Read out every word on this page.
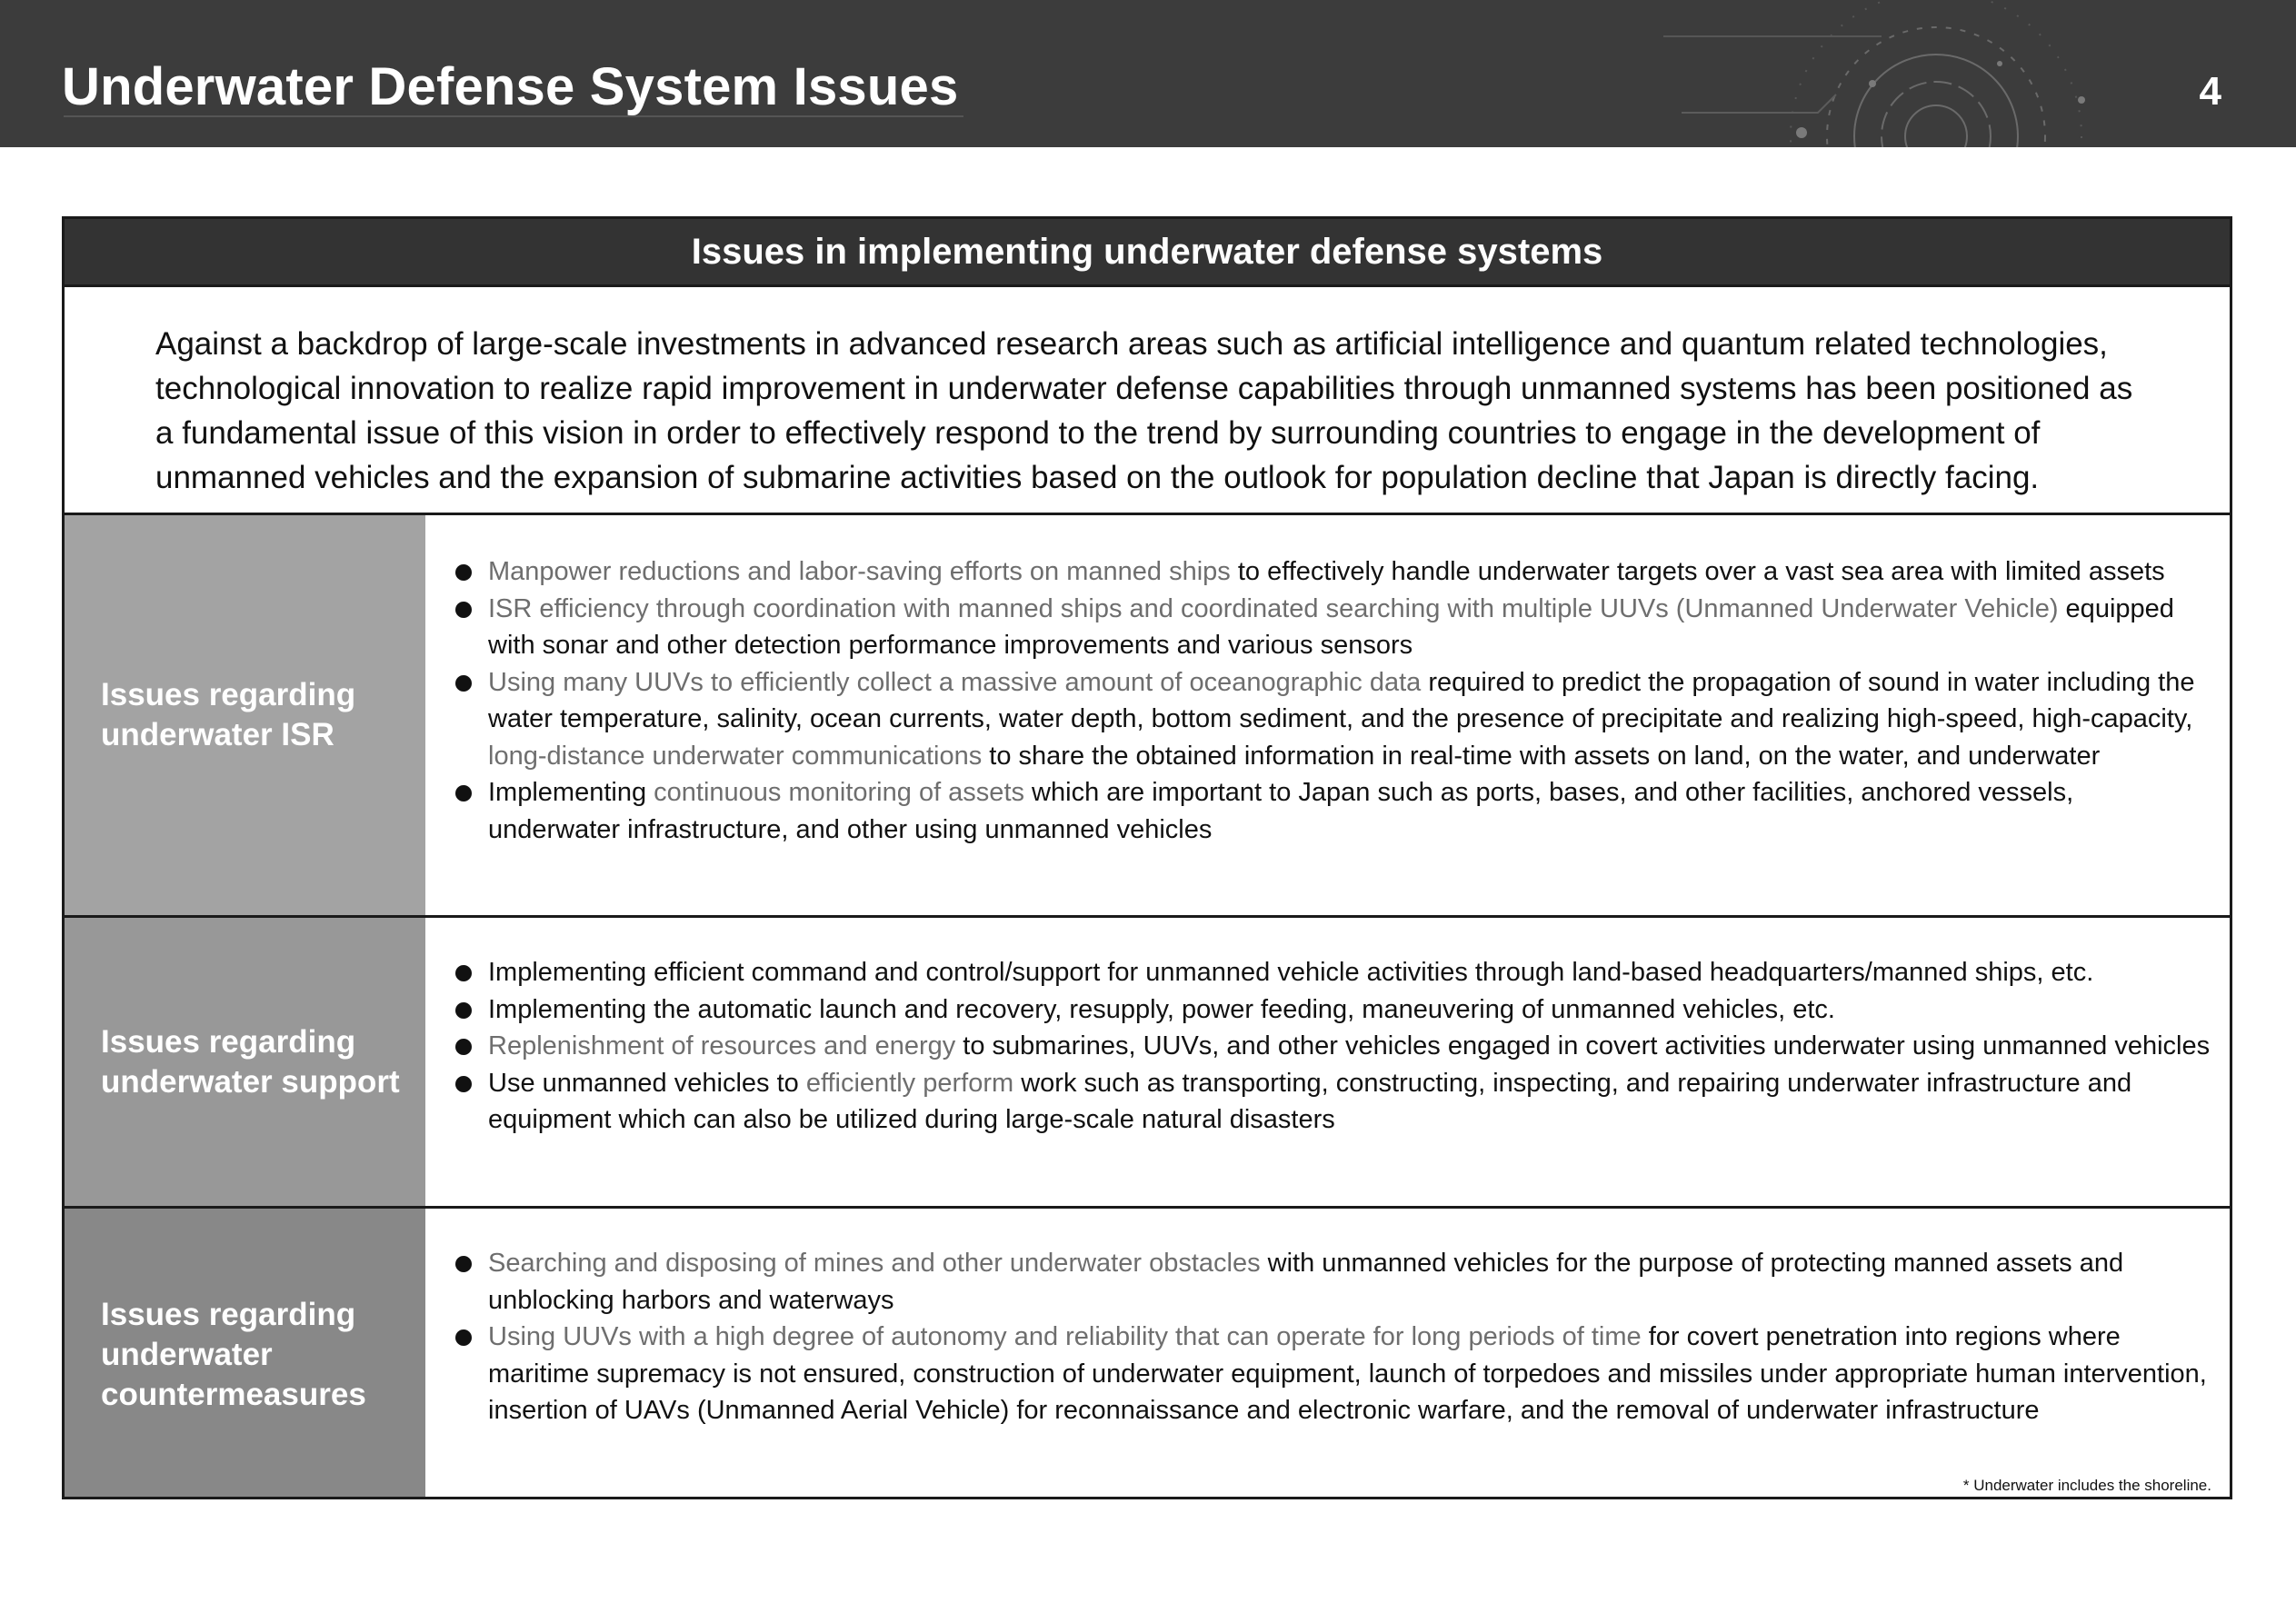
Underwater Defense System Issues	4
Issues in implementing underwater defense systems
Against a backdrop of large-scale investments in advanced research areas such as artificial intelligence and quantum related technologies, technological innovation to realize rapid improvement in underwater defense capabilities through unmanned systems has been positioned as a fundamental issue of this vision in order to effectively respond to the trend by surrounding countries to engage in the development of unmanned vehicles and the expansion of submarine activities based on the outlook for population decline that Japan is directly facing.
Issues regarding underwater ISR
Manpower reductions and labor-saving efforts on manned ships to effectively handle underwater targets over a vast sea area with limited assets
ISR efficiency through coordination with manned ships and coordinated searching with multiple UUVs (Unmanned Underwater Vehicle) equipped with sonar and other detection performance improvements and various sensors
Using many UUVs to efficiently collect a massive amount of oceanographic data required to predict the propagation of sound in water including the water temperature, salinity, ocean currents, water depth, bottom sediment, and the presence of precipitate and realizing high-speed, high-capacity, long-distance underwater communications to share the obtained information in real-time with assets on land, on the water, and underwater
Implementing continuous monitoring of assets which are important to Japan such as ports, bases, and other facilities, anchored vessels, underwater infrastructure, and other using unmanned vehicles
Issues regarding underwater support
Implementing efficient command and control/support for unmanned vehicle activities through land-based headquarters/manned ships, etc.
Implementing the automatic launch and recovery, resupply, power feeding, maneuvering of unmanned vehicles, etc.
Replenishment of resources and energy to submarines, UUVs, and other vehicles engaged in covert activities underwater using unmanned vehicles
Use unmanned vehicles to efficiently perform work such as transporting, constructing, inspecting, and repairing underwater infrastructure and equipment which can also be utilized during large-scale natural disasters
Issues regarding underwater countermeasures
Searching and disposing of mines and other underwater obstacles with unmanned vehicles for the purpose of protecting manned assets and unblocking harbors and waterways
Using UUVs with a high degree of autonomy and reliability that can operate for long periods of time for covert penetration into regions where maritime supremacy is not ensured, construction of underwater equipment, launch of torpedoes and missiles under appropriate human intervention, insertion of UAVs (Unmanned Aerial Vehicle) for reconnaissance and electronic warfare, and the removal of underwater infrastructure
* Underwater includes the shoreline.
